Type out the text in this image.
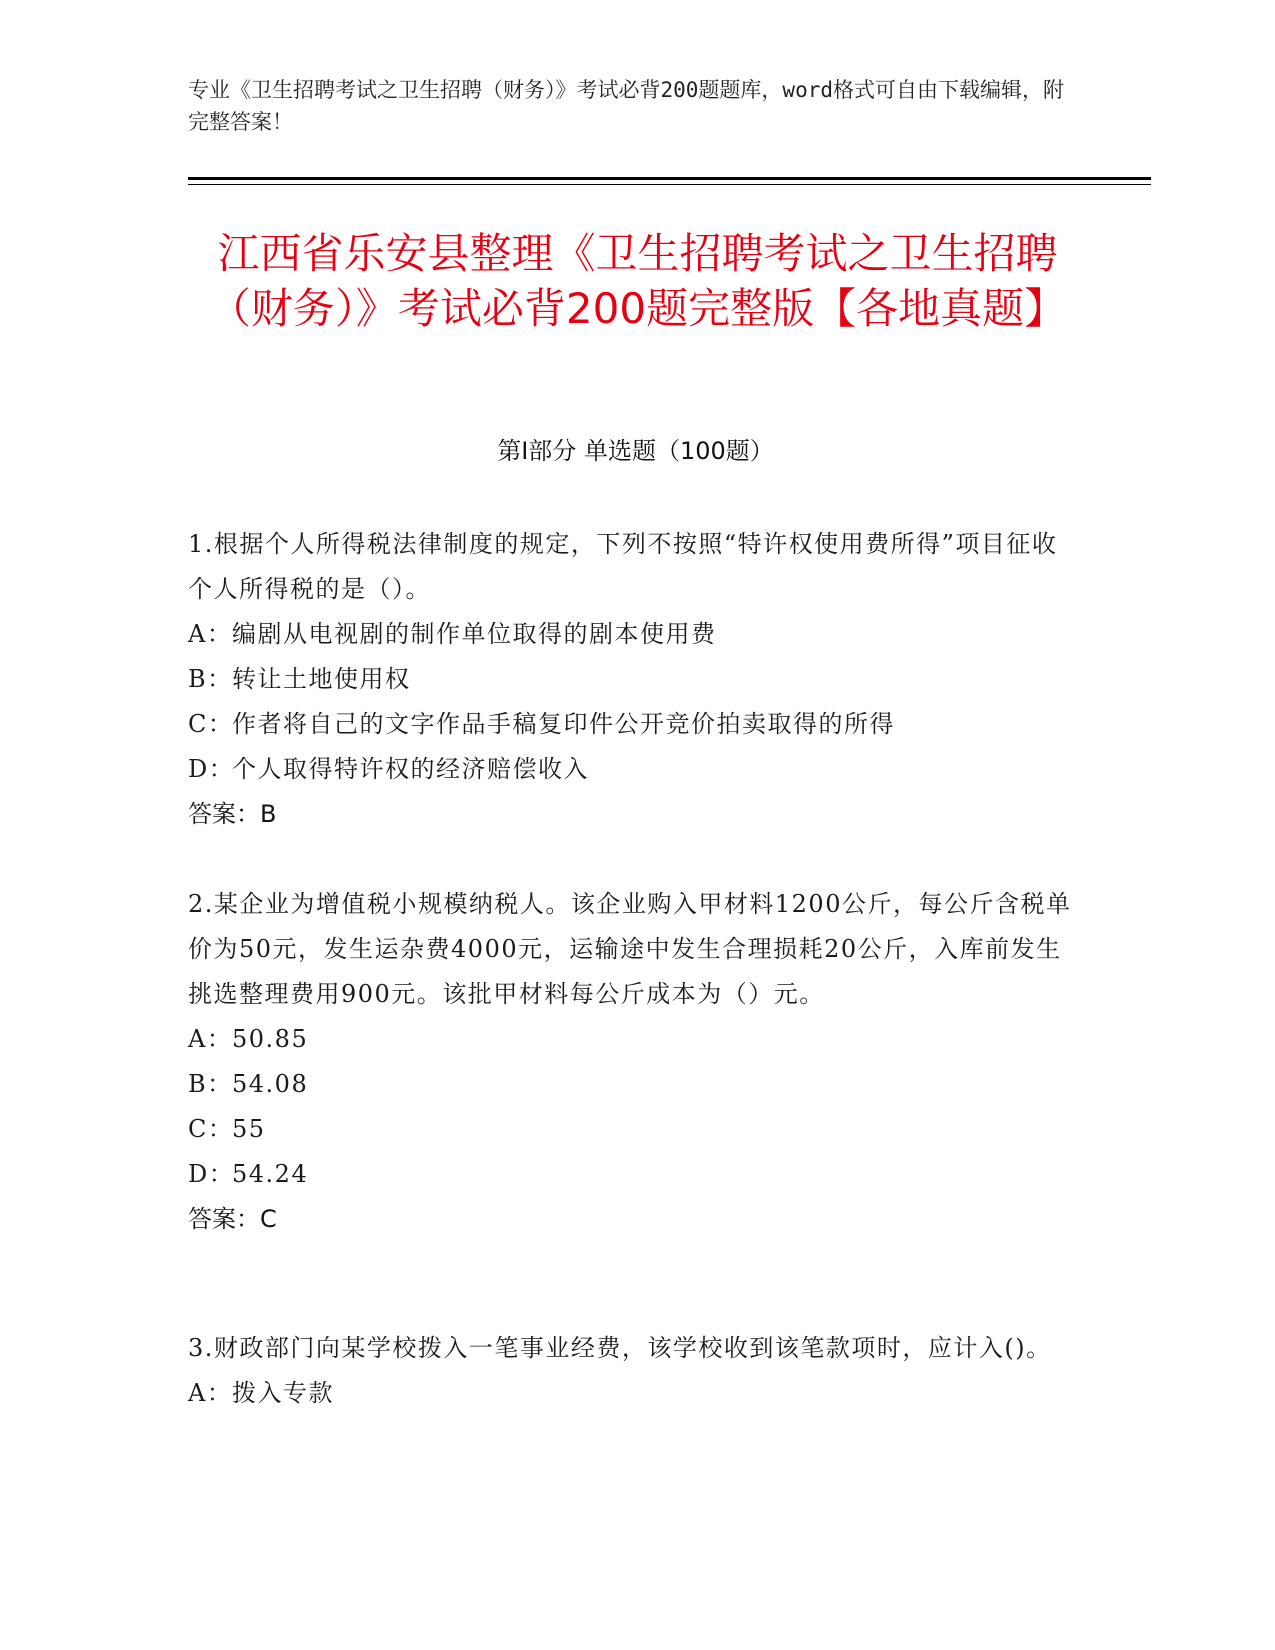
专业《卫生招聘考试之卫生招聘（财务）》考试必背200题题库，word格式可自由下载编辑，附完整答案！
江西省乐安县整理《卫生招聘考试之卫生招聘（财务）》考试必背200题完整版【各地真题】
第I部分 单选题（100题）
1.根据个人所得税法律制度的规定，下列不按照“特许权使用费所得”项目征收个人所得税的是（）。
A：编剧从电视剧的制作单位取得的剧本使用费
B：转让土地使用权
C：作者将自己的文字作品手稿复印件公开竞价拍卖取得的所得
D：个人取得特许权的经济赔偿收入
答案：B
2.某企业为增值税小规模纳税人。该企业购入甲材料1200公斤，每公斤含税单价为50元，发生运杂费4000元，运输途中发生合理损耗20公斤，入库前发生挑选整理费用900元。该批甲材料每公斤成本为（）元。
A：50.85
B：54.08
C：55
D：54.24
答案：C
3.财政部门向某学校拨入一笔事业经费，该学校收到该笔款项时，应计入()。
A：拨入专款
